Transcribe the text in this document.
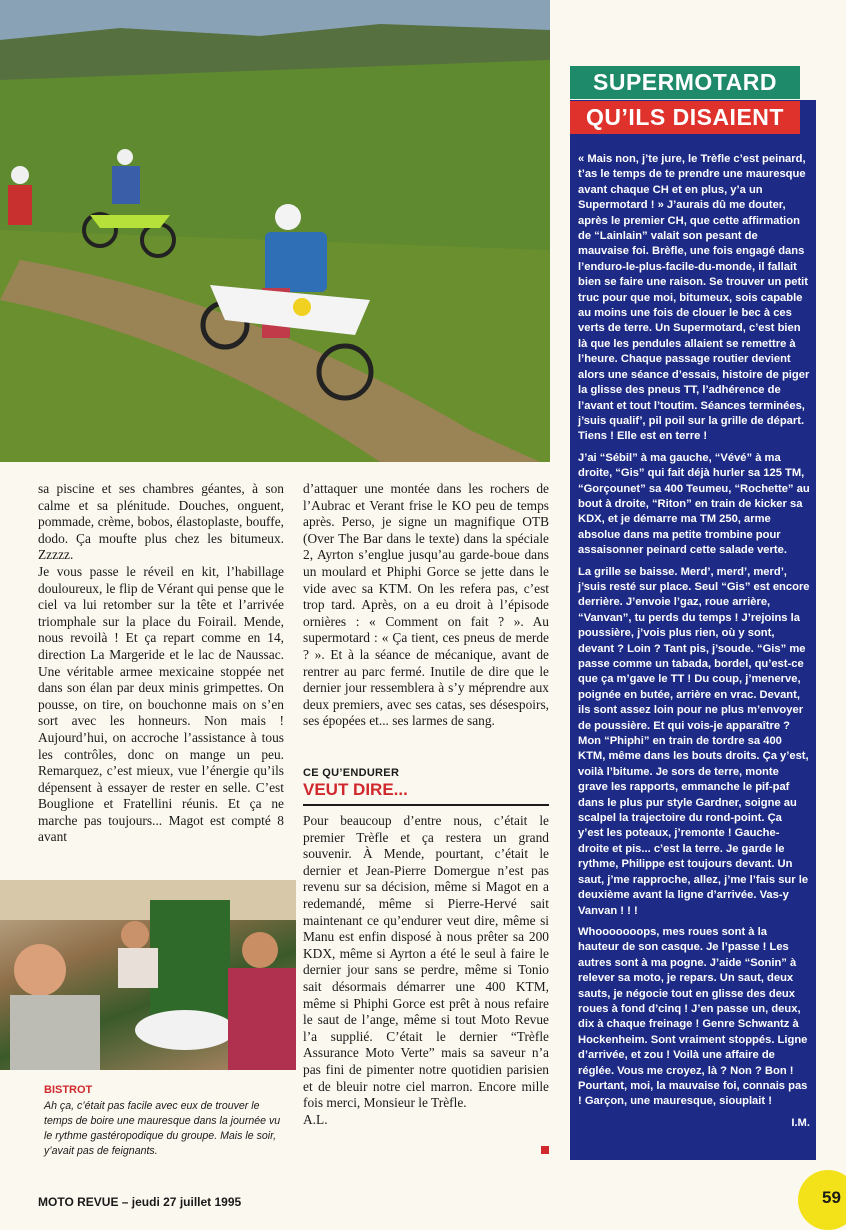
sa piscine et ses chambres géantes, à son calme et sa plénitude. Douches, onguent, pommade, crème, bobos, élastoplaste, bouffe, dodo. Ça moufte plus chez les bitumeux. Zzzzz.

Je vous passe le réveil en kit, l’habillage douloureux, le flip de Vérant qui pense que le ciel va lui retomber sur la tête et l’arrivée triomphale sur la place du Foirail. Mende, nous revoilà ! Et ça repart comme en 14, direction La Margeride et le lac de Naussac. Une véritable armee mexicaine stoppée net dans son élan par deux minis grimpettes. On pousse, on tire, on bouchonne mais on s’en sort avec les honneurs. Non mais ! Aujourd’hui, on accroche l’assistance à tous les contrôles, donc on mange un peu. Remarquez, c’est mieux, vue l’énergie qu’ils dépensent à essayer de rester en selle. C’est Bouglione et Fratellini réunis. Et ça ne marche pas toujours... Magot est compté 8 avant

d’attaquer une montée dans les rochers de l’Aubrac et Verant frise le KO peu de temps après. Perso, je signe un magnifique OTB (Over The Bar dans le texte) dans la spéciale 2, Ayrton s’englue jusqu’au garde-boue dans un moulard et Phiphi Gorce se jette dans le vide avec sa KTM. On les refera pas, c’est trop tard. Après, on a eu droit à l’épisode ornières : « Comment on fait ? ». Au supermotard : « Ça tient, ces pneus de merde ? ». Et à la séance de mécanique, avant de rentrer au parc fermé. Inutile de dire que le dernier jour ressemblera à s’y méprendre aux deux premiers, avec ses catas, ses désespoirs, ses épopées et... ses larmes de sang.

CE QU’ENDURER
VEUT DIRE...

Pour beaucoup d’entre nous, c’était le premier Trèfle et ça restera un grand souvenir. À Mende, pourtant, c’était le dernier et Jean-Pierre Domergue n’est pas revenu sur sa décision, même si Magot en a redemandé, même si Pierre-Hervé sait maintenant ce qu’endurer veut dire, même si Manu est enfin disposé à nous prêter sa 200 KDX, même si Ayrton a été le seul à faire le dernier jour sans se perdre, même si Tonio sait désormais démarrer une 400 KTM, même si Phiphi Gorce est prêt à nous refaire le saut de l’ange, même si tout Moto Revue l’a supplié. C’était le dernier “Trèfle Assurance Moto Verte” mais sa saveur n’a pas fini de pimenter notre quotidien parisien et de bleuir notre ciel marron. Encore mille fois merci, Monsieur le Trèfle.

A.L.

BISTROT
Ah ça, c’était pas facile avec eux de trouver le temps de boire une mauresque dans la journée vu le rythme gastéropodique du groupe. Mais le soir, y’avait pas de feignants.
SUPERMOTARD
QU’ILS DISAIENT

« Mais non, j’te jure, le Trèfle c’est peinard, t’as le temps de te prendre une mauresque avant chaque CH et en plus, y’a un Supermotard ! » J’aurais dû me douter, après le premier CH, que cette affirmation de “Lainlain” valait son pesant de mauvaise foi. Brèfle, une fois engagé dans l’enduro-le-plus-facile-du-monde, il fallait bien se faire une raison. Se trouver un petit truc pour que moi, bitumeux, sois capable au moins une fois de clouer le bec à ces verts de terre. Un Supermotard, c’est bien là que les pendules allaient se remettre à l’heure. Chaque passage routier devient alors une séance d’essais, histoire de piger la glisse des pneus TT, l’adhérence de l’avant et tout l’toutim. Séances terminées, j’suis qualif’, pil poil sur la grille de départ. Tiens ! Elle est en terre !

J’ai “Sébil” à ma gauche, “Vévé” à ma droite, “Gis” qui fait déjà hurler sa 125 TM, “Gorçounet” sa 400 Teumeu, “Rochette” au bout à droite, “Riton” en train de kicker sa KDX, et je démarre ma TM 250, arme absolue dans ma petite trombine pour assaisonner peinard cette salade verte.

La grille se baisse. Merd’, merd’, merd’, j’suis resté sur place. Seul “Gis” est encore derrière. J’envoie l’gaz, roue arrière, “Vanvan”, tu perds du temps ! J’rejoins la poussière, j’vois plus rien, où y sont, devant ? Loin ? Tant pis, j’soude. “Gis” me passe comme un tabada, bordel, qu’est-ce que ça m’gave le TT ! Du coup, j’menerve, poignée en butée, arrière en vrac. Devant, ils sont assez loin pour ne plus m’envoyer de poussière. Et qui vois-je apparaître ? Mon “Phiphi” en train de tordre sa 400 KTM, même dans les bouts droits. Ça y’est, voilà l’bitume. Je sors de terre, monte grave les rapports, emmanche le pif-paf dans le plus pur style Gardner, soigne au scalpel la trajectoire du rond-point. Ça y’est les poteaux, j’remonte ! Gauche-droite et pis... c’est la terre. Je garde le rythme, Philippe est toujours devant. Un saut, j’me rapproche, allez, j’me l’fais sur le deuxième avant la ligne d’arrivée. Vas-y Vanvan ! ! !

Whooooooops, mes roues sont à la hauteur de son casque. Je l’passe ! Les autres sont à ma pogne. J’aide “Sonin” à relever sa moto, je repars. Un saut, deux sauts, je négocie tout en glisse des deux roues à fond d’cinq ! J’en passe un, deux, dix à chaque freinage ! Genre Schwantz à Hockenheim. Sont vraiment stoppés. Ligne d’arrivée, et zou ! Voilà une affaire de réglée. Vous me croyez, là ? Non ? Bon ! Pourtant, moi, la mauvaise foi, connais pas ! Garçon, une mauresque, siouplait !

I.M.

MOTO REVUE – jeudi 27 juillet 1995	59
